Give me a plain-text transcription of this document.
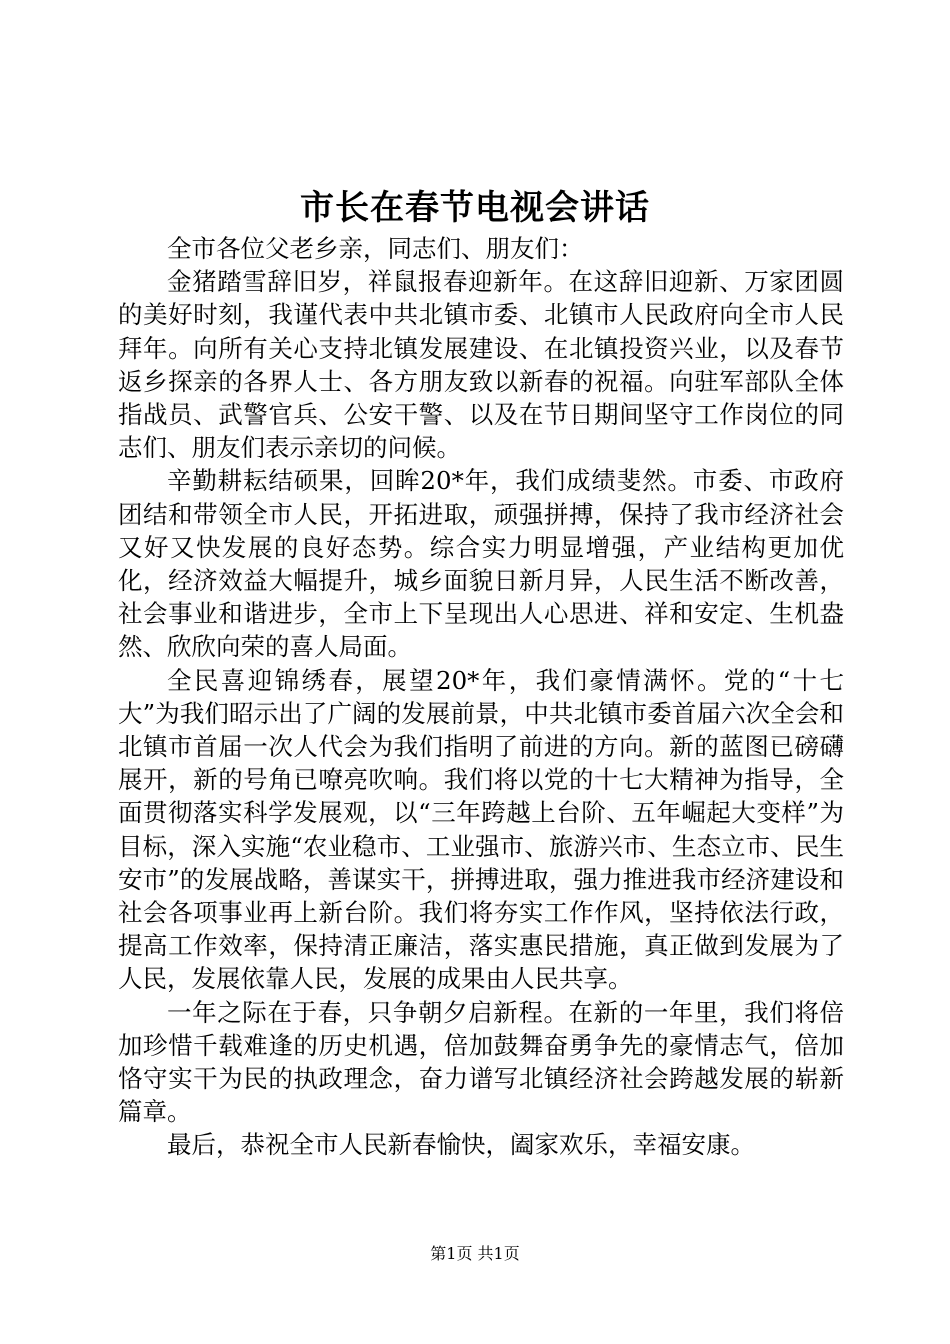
市长在春节电视会讲话

全市各位父老乡亲，同志们、朋友们：

金猪踏雪辞旧岁，祥鼠报春迎新年。在这辞旧迎新、万家团圆的美好时刻，我谨代表中共北镇市委、北镇市人民政府向全市人民拜年。向所有关心支持北镇发展建设、在北镇投资兴业，以及春节返乡探亲的各界人士、各方朋友致以新春的祝福。向驻军部队全体指战员、武警官兵、公安干警、以及在节日期间坚守工作岗位的同志们、朋友们表示亲切的问候。

辛勤耕耘结硕果，回眸20*年，我们成绩斐然。市委、市政府团结和带领全市人民，开拓进取，顽强拼搏，保持了我市经济社会又好又快发展的良好态势。综合实力明显增强，产业结构更加优化，经济效益大幅提升，城乡面貌日新月异，人民生活不断改善，社会事业和谐进步，全市上下呈现出人心思进、祥和安定、生机盎然、欣欣向荣的喜人局面。

全民喜迎锦绣春，展望20*年，我们豪情满怀。党的“十七大”为我们昭示出了广阔的发展前景，中共北镇市委首届六次全会和北镇市首届一次人代会为我们指明了前进的方向。新的蓝图已磅礴展开，新的号角已嘹亮吹响。我们将以党的十七大精神为指导，全面贯彻落实科学发展观，以“三年跨越上台阶、五年崛起大变样”为目标，深入实施“农业稳市、工业强市、旅游兴市、生态立市、民生安市”的发展战略，善谋实干，拼搏进取，强力推进我市经济建设和社会各项事业再上新台阶。我们将夯实工作作风，坚持依法行政，提高工作效率，保持清正廉洁，落实惠民措施，真正做到发展为了人民，发展依靠人民，发展的成果由人民共享。

一年之际在于春，只争朝夕启新程。在新的一年里，我们将倍加珍惜千载难逢的历史机遇，倍加鼓舞奋勇争先的豪情志气，倍加恪守实干为民的执政理念，奋力谱写北镇经济社会跨越发展的崭新篇章。

最后，恭祝全市人民新春愉快，阖家欢乐，幸福安康。

第1页 共1页
